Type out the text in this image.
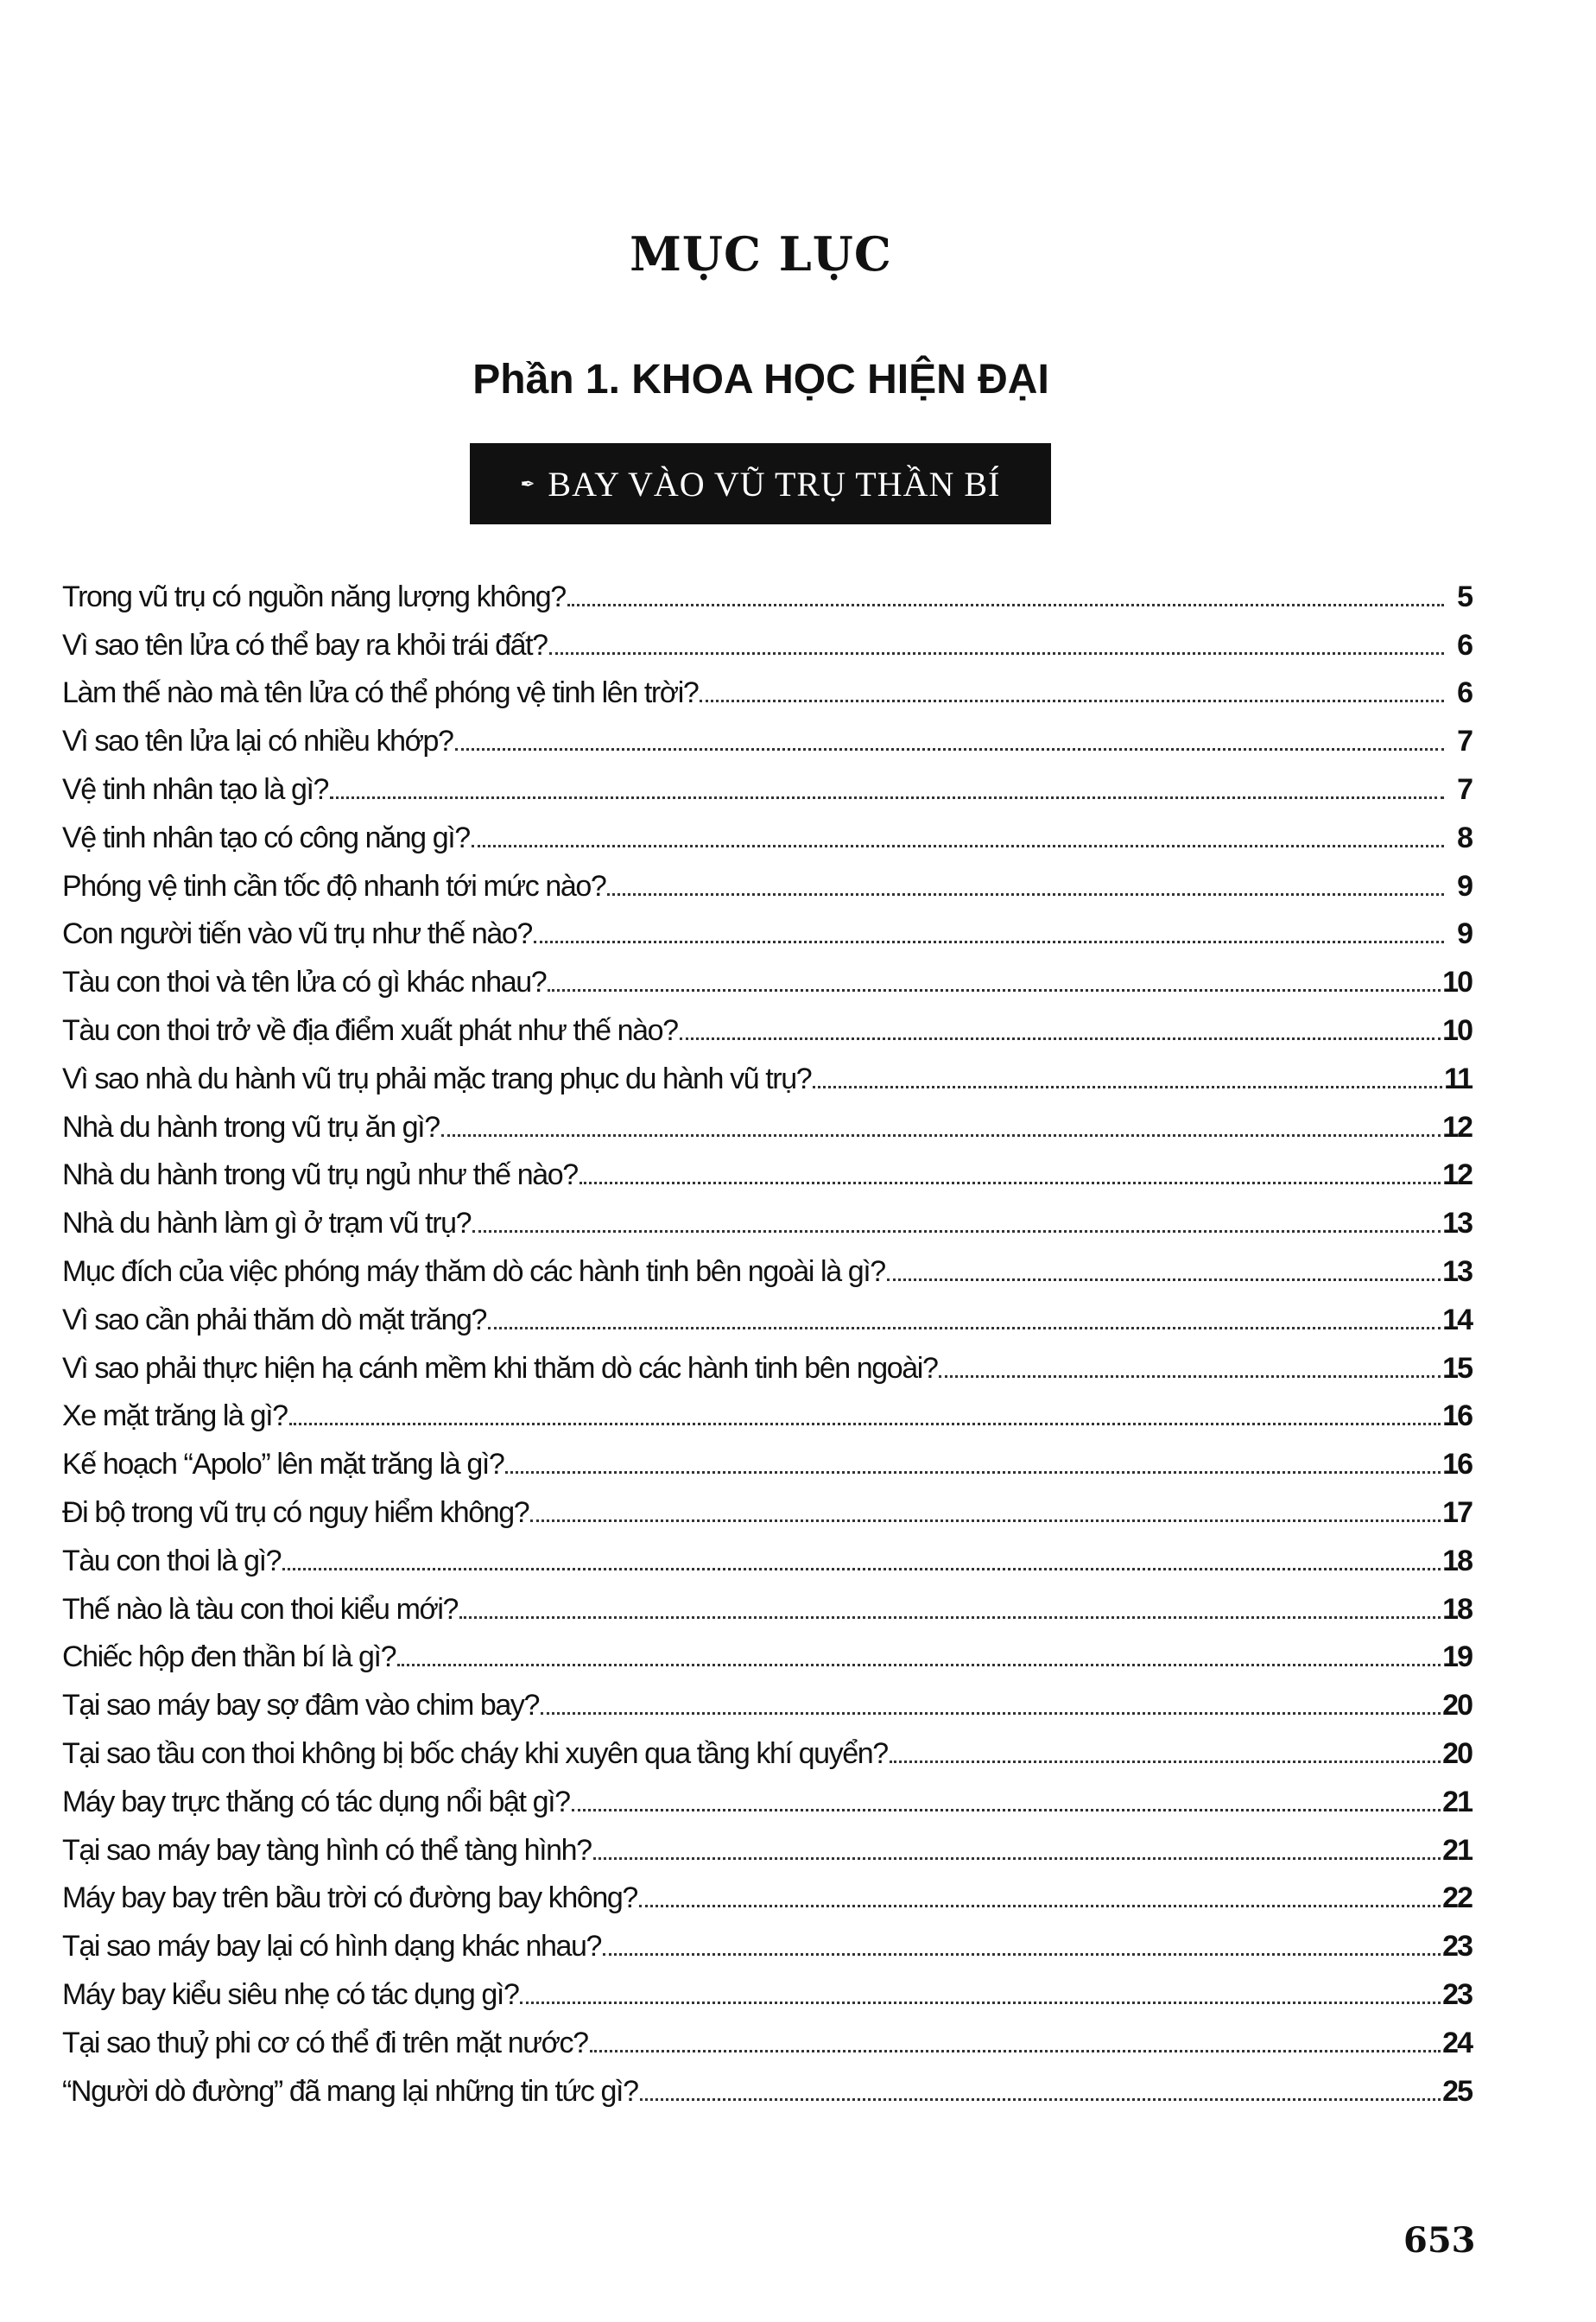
MỤC LỤC
Phần 1. KHOA HỌC HIỆN ĐẠI
✒ BAY VÀO VŨ TRỤ THẦN BÍ
Trong vũ trụ có nguồn năng lượng không?	5
Vì sao tên lửa có thể bay ra khỏi trái đất?	6
Làm thế nào mà tên lửa có thể phóng vệ tinh lên trời?	6
Vì sao tên lửa lại có nhiều khớp?	7
Vệ tinh nhân tạo là gì?	7
Vệ tinh nhân tạo có công năng gì?	8
Phóng vệ tinh cần tốc độ nhanh tới mức nào?	9
Con người tiến vào vũ trụ như thế nào?	9
Tàu con thoi và tên lửa có gì khác nhau?	10
Tàu con thoi trở về địa điểm xuất phát như thế nào?	10
Vì sao nhà du hành vũ trụ phải mặc trang phục du hành vũ trụ?	11
Nhà du hành trong vũ trụ ăn gì?	12
Nhà du hành trong vũ trụ ngủ như thế nào?	12
Nhà du hành làm gì ở trạm vũ trụ?	13
Mục đích của việc phóng máy thăm dò các hành tinh bên ngoài là gì?	13
Vì sao cần phải thăm dò mặt trăng?	14
Vì sao phải thực hiện hạ cánh mềm khi thăm dò các hành tinh bên ngoài?	15
Xe mặt trăng là gì?	16
Kế hoạch “Apolo” lên mặt trăng là gì?	16
Đi bộ trong vũ trụ có nguy hiểm không?	17
Tàu con thoi là gì?	18
Thế nào là tàu con thoi kiểu mới?	18
Chiếc hộp đen thần bí là gì?	19
Tại sao máy bay sợ đâm vào chim bay?	20
Tại sao tầu con thoi không bị bốc cháy khi xuyên qua tầng khí quyển?	20
Máy bay trực thăng có tác dụng nổi bật gì?	21
Tại sao máy bay tàng hình có thể tàng hình?	21
Máy bay bay trên bầu trời có đường bay không?	22
Tại sao máy bay lại có hình dạng khác nhau?	23
Máy bay kiểu siêu nhẹ có tác dụng gì?	23
Tại sao thuỷ phi cơ có thể đi trên mặt nước?	24
“Người dò đường” đã mang lại những tin tức gì?	25
653
